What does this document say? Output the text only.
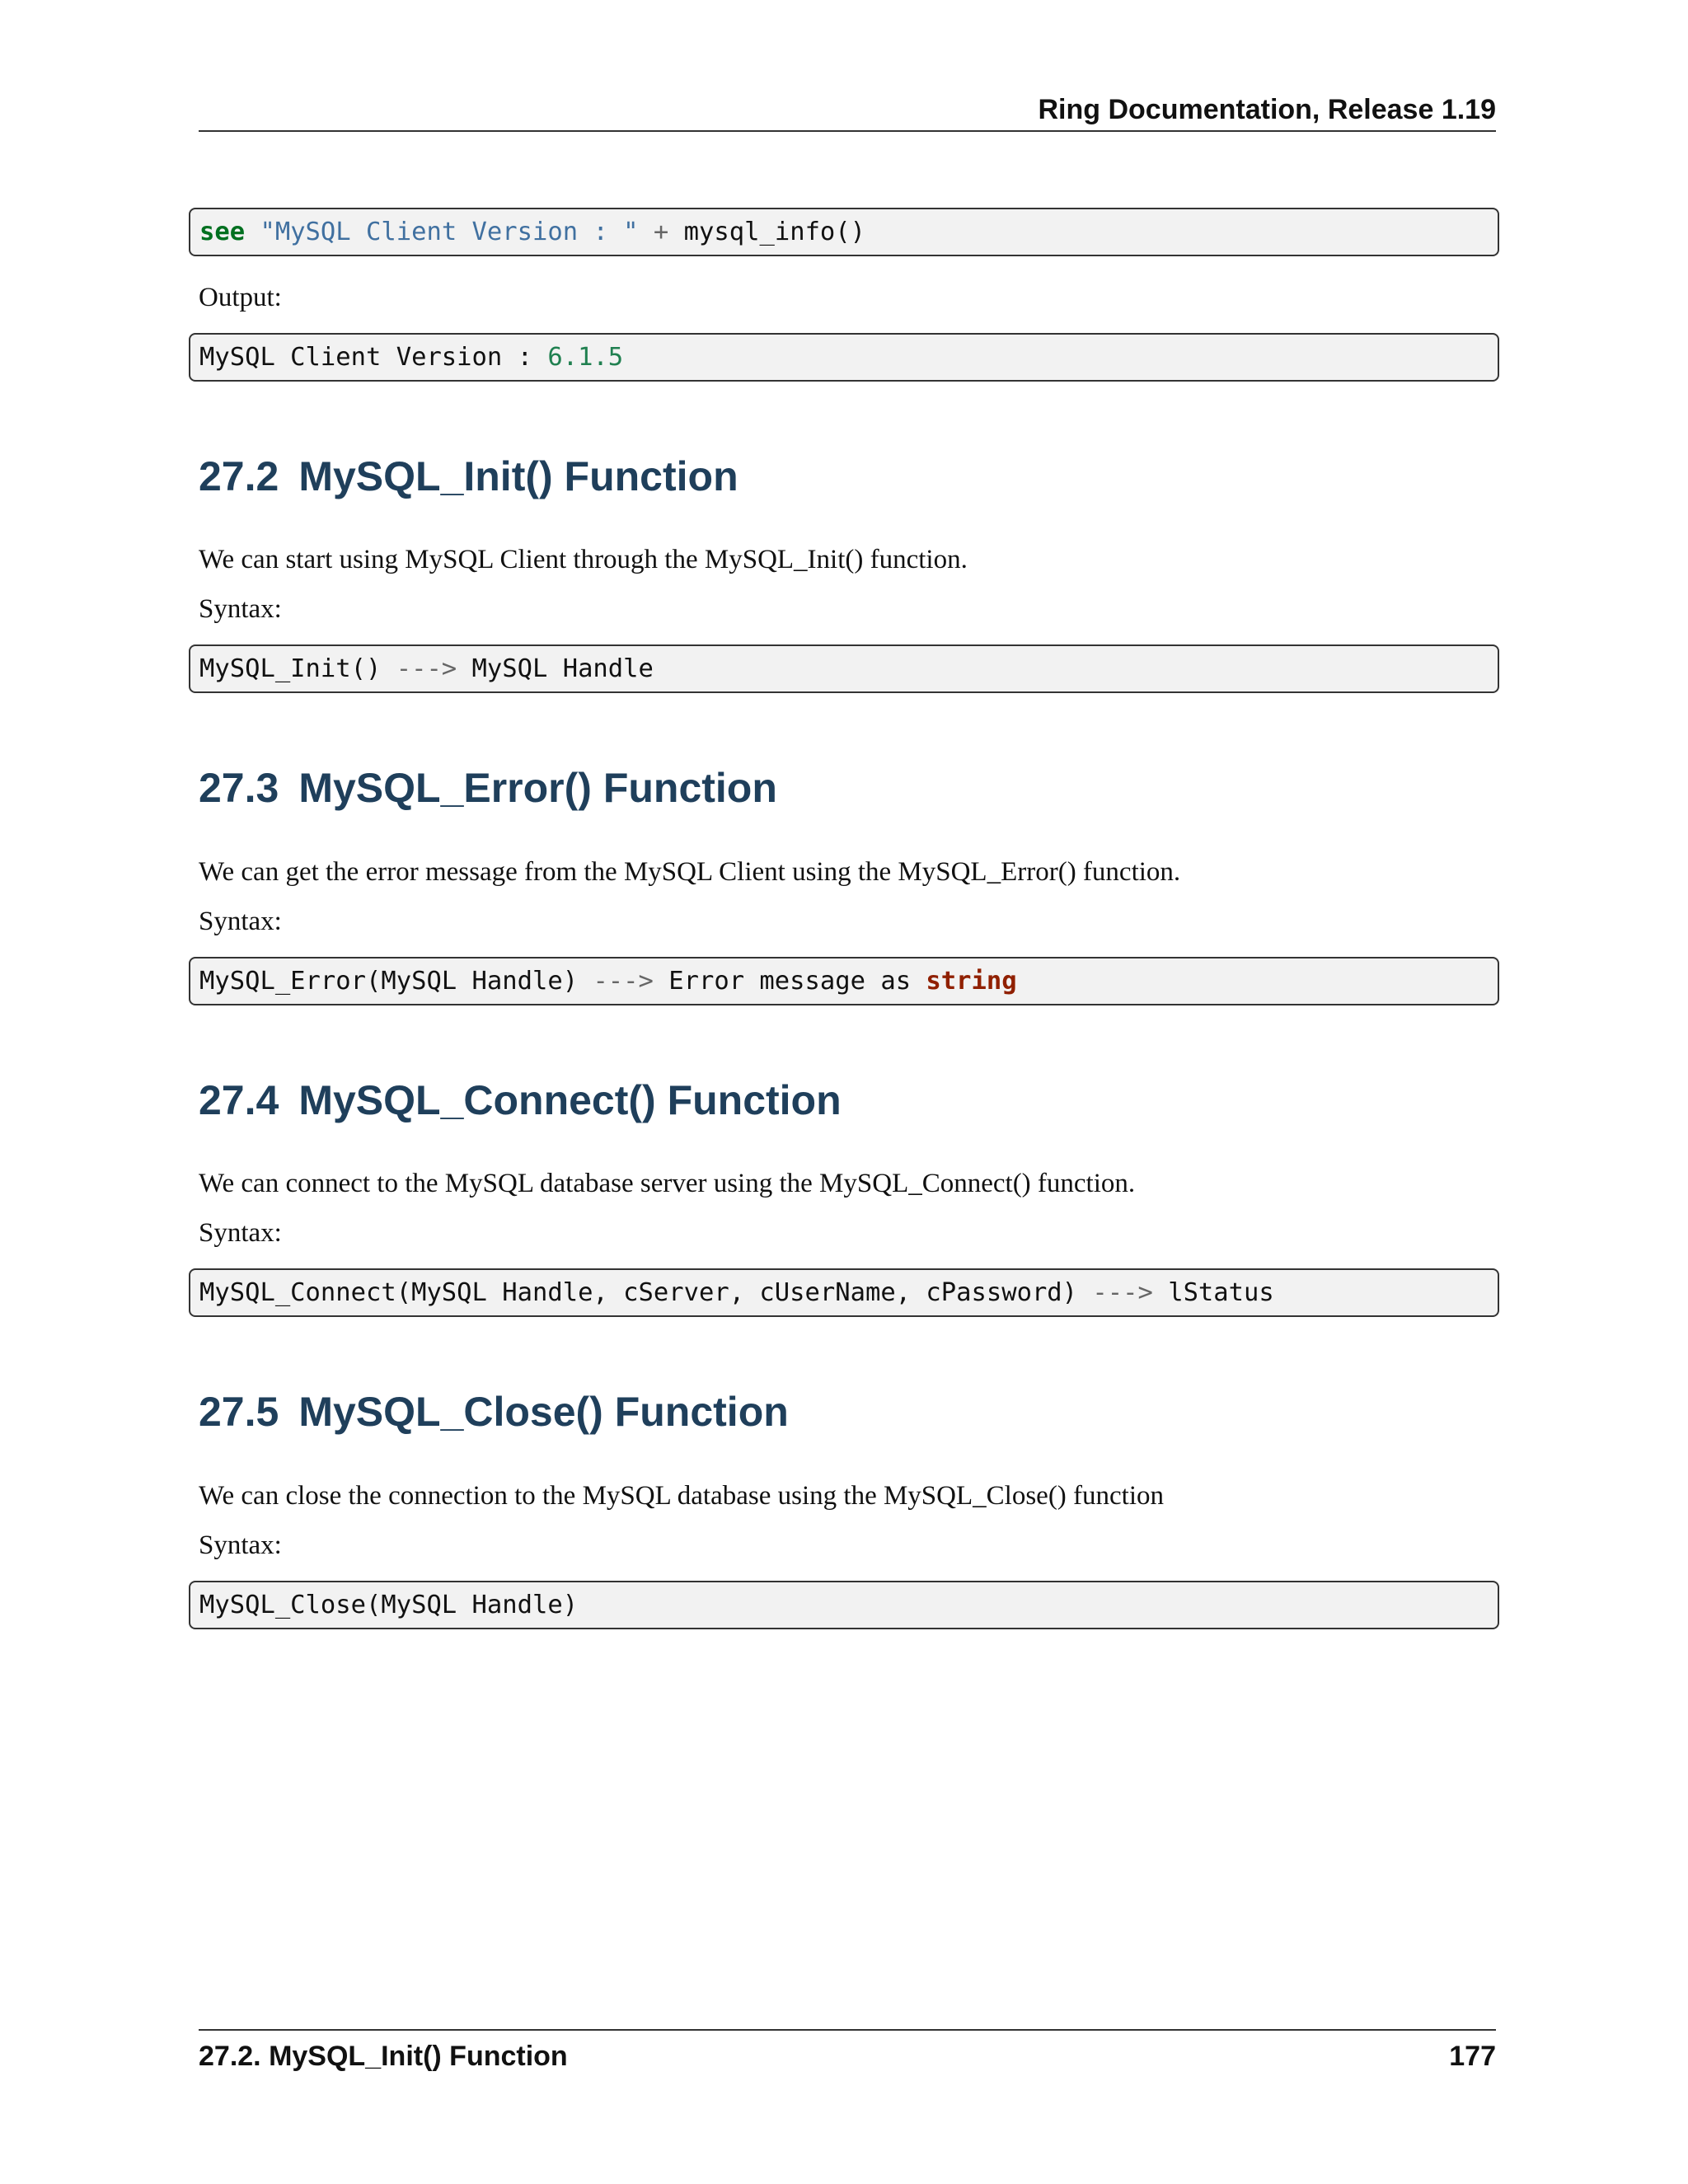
Ring Documentation, Release 1.19
see "MySQL Client Version : " + mysql_info()
Output:
MySQL Client Version : 6.1.5
27.2 MySQL_Init() Function
We can start using MySQL Client through the MySQL_Init() function.
Syntax:
MySQL_Init() ---> MySQL Handle
27.3 MySQL_Error() Function
We can get the error message from the MySQL Client using the MySQL_Error() function.
Syntax:
MySQL_Error(MySQL Handle) ---> Error message as string
27.4 MySQL_Connect() Function
We can connect to the MySQL database server using the MySQL_Connect() function.
Syntax:
MySQL_Connect(MySQL Handle, cServer, cUserName, cPassword) ---> lStatus
27.5 MySQL_Close() Function
We can close the connection to the MySQL database using the MySQL_Close() function
Syntax:
MySQL_Close(MySQL Handle)
27.2. MySQL_Init() Function	177
